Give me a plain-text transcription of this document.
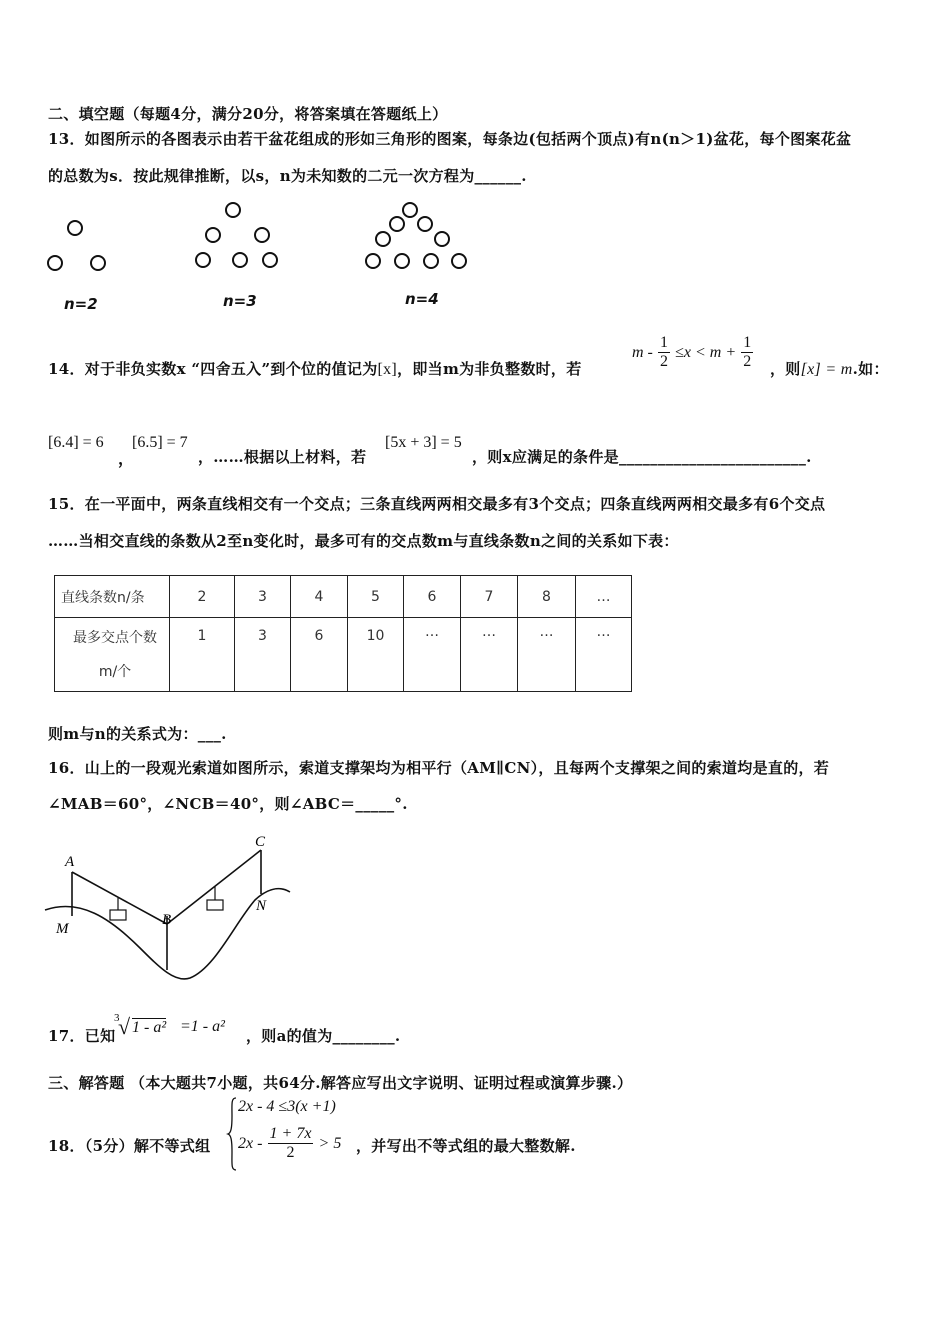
二、填空题（每题4分，满分20分，将答案填在答题纸上）
13．如图所示的各图表示由若干盆花组成的形如三角形的图案，每条边(包括两个顶点)有n(n＞1)盆花，每个图案花盆
的总数为s．按此规律推断，以s，n为未知数的二元一次方程为______.
n=2	n=3	n=4
14．对于非负实数x “四舍五入”到个位的值记为[x]，即当m为非负整数时，若
$m - \frac{1}{2} \le x < m + \frac{1}{2}$ ，则[x] = m.如：
[6.4] = 6
，
[6.5] = 7
，……根据以上材料，若
[5x + 3] = 5
，则x应满足的条件是________________________.
15．在一平面中，两条直线相交有一个交点；三条直线两两相交最多有3个交点；四条直线两两相交最多有6个交点
……当相交直线的条数从2至n变化时，最多可有的交点数m与直线条数n之间的关系如下表：
直线条数n/条	2	3	4	5	6	7	8	…

最多交点个数
m/个	1	3	6	10	…	…	…	…
则m与n的关系式为：___.
16．山上的一段观光索道如图所示，索道支撑架均为相平行（AM∥CN），且每两个支撑架之间的索道均是直的，若
∠MAB＝60°，∠NCB＝40°，则∠ABC＝_____°.
A
B
C
M
N
17．已知
3
√ 1 - a² =1 - a²
，则a的值为________.
三、解答题 （本大题共7小题，共64分.解答应写出文字说明、证明过程或演算步骤.）
18．（5分）解不等式组
2x - 4 ≤3(x +1)
$2x - \frac{1 + 7x}{2} > 5$ ，并写出不等式组的最大整数解.
